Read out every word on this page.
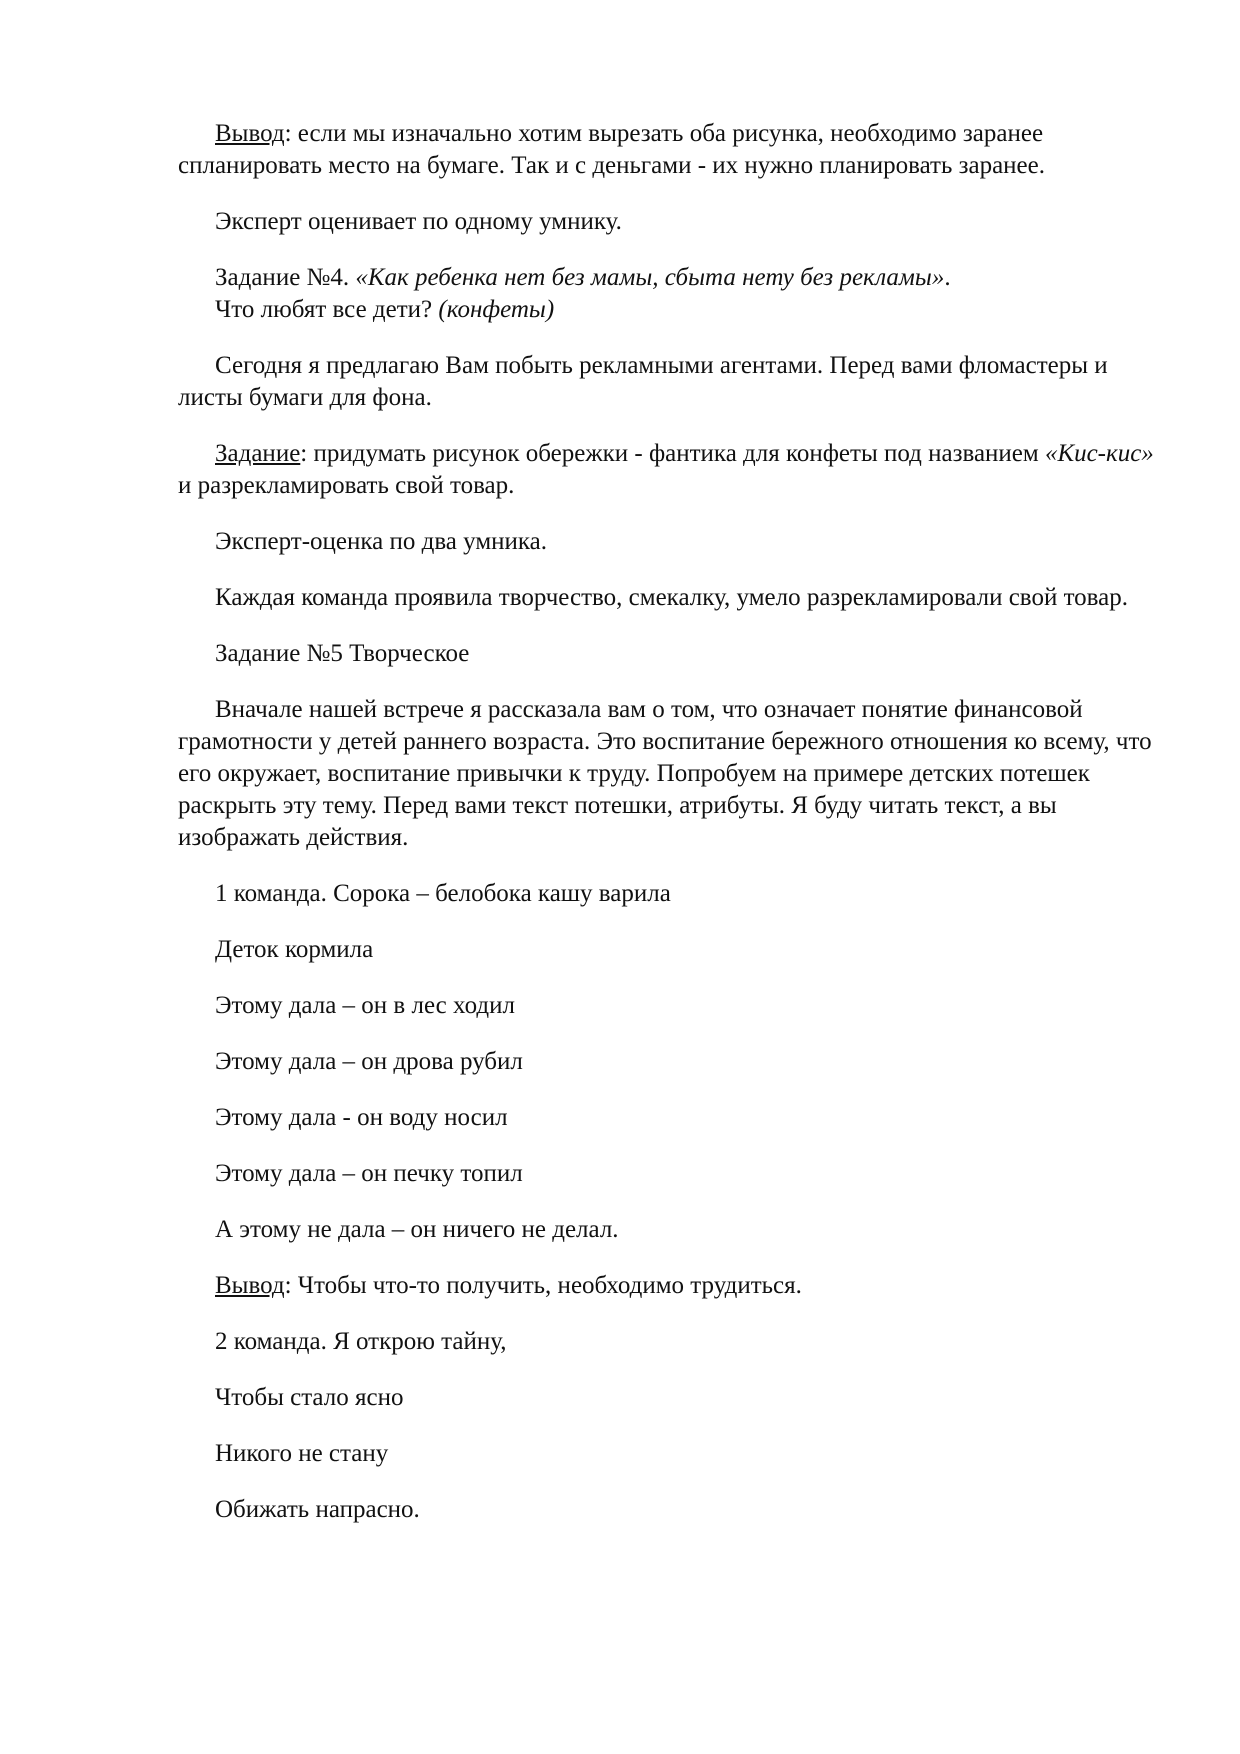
Вывод: если мы изначально хотим вырезать оба рисунка, необходимо заранее спланировать место на бумаге. Так и с деньгами - их нужно планировать заранее.

Эксперт оценивает по одному умнику.

Задание №4. «Как ребенка нет без мамы, сбыта нету без рекламы».

Что любят все дети? (конфеты)

Сегодня я предлагаю Вам побыть рекламными агентами. Перед вами фломастеры и листы бумаги для фона.

Задание: придумать рисунок обережки - фантика для конфеты под названием «Кис-кис» и разрекламировать свой товар.

Эксперт-оценка по два умника.

Каждая команда проявила творчество, смекалку, умело разрекламировали свой товар.

Задание №5 Творческое

Вначале нашей встрече я рассказала вам о том, что означает понятие финансовой грамотности у детей раннего возраста. Это воспитание бережного отношения ко всему, что его окружает, воспитание привычки к труду. Попробуем на примере детских потешек раскрыть эту тему. Перед вами текст потешки, атрибуты. Я буду читать текст, а вы изображать действия.

1 команда. Сорока – белобока кашу варила

Деток кормила

Этому дала – он в лес ходил

Этому дала – он дрова рубил

Этому дала - он воду носил

Этому дала – он печку топил

А этому не дала – он ничего не делал.

Вывод: Чтобы что-то получить, необходимо трудиться.

2 команда. Я открою тайну,

Чтобы стало ясно

Никого не стану

Обижать напрасно.
